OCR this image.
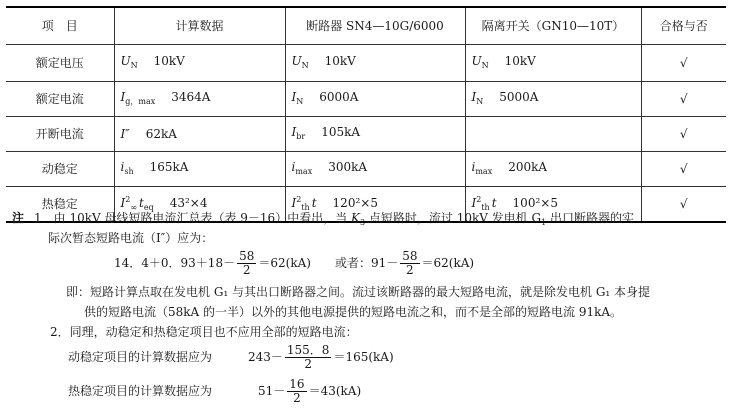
项　目	计算数据	断路器 SN4—10G/6000	隔离开关（GN10—10T）	合格与否
额定电压	$U_N$ 10kV	$U_N$ 10kV	$U_N$ 10kV	√
额定电流	$I_{g,max}$ 3464A	$I_N$ 6000A	$I_N$ 5000A	√
开断电流	I″ 62kA	$I_{br}$ 105kA		√
动稳定	$i_{sh}$ 165kA	$i_{max}$ 300kA	$i_{max}$ 200kA	√
热稳定	$I^2_\infty$ $t_{eq}$ 43²×4	$I^2_{th}$ t 120²×5	$I^2_{th}$ t 100²×5	√
注 1．由 10kV 母线短路电流汇总表（表 9－16）中看出，当 $K_3$ 点短路时，流过 10kV 发电机 $G_1$ 出口断路器的实
际次暂态短路电流（I″）应为：
14．4＋0．$93+18- \frac{58}{2} =62(kA)$　　或者：$91- \frac{58}{2} =62(kA)$
即：短路计算点取在发电机 G₁ 与其出口断路器之间。流过该断路器的最大短路电流，就是除发电机 G₁ 本身提
供的短路电流（58kA 的一半）以外的其他电源提供的短路电流之和，而不是全部的短路电流 91kA。
2．同理，动稳定和热稳定项目也不应用全部的短路电流：
动稳定项目的计算数据应为	$243- \frac{155.8}{2} =165(kA)$
热稳定项目的计算数据应为	$51- \frac{16}{2} =43(kA)$
